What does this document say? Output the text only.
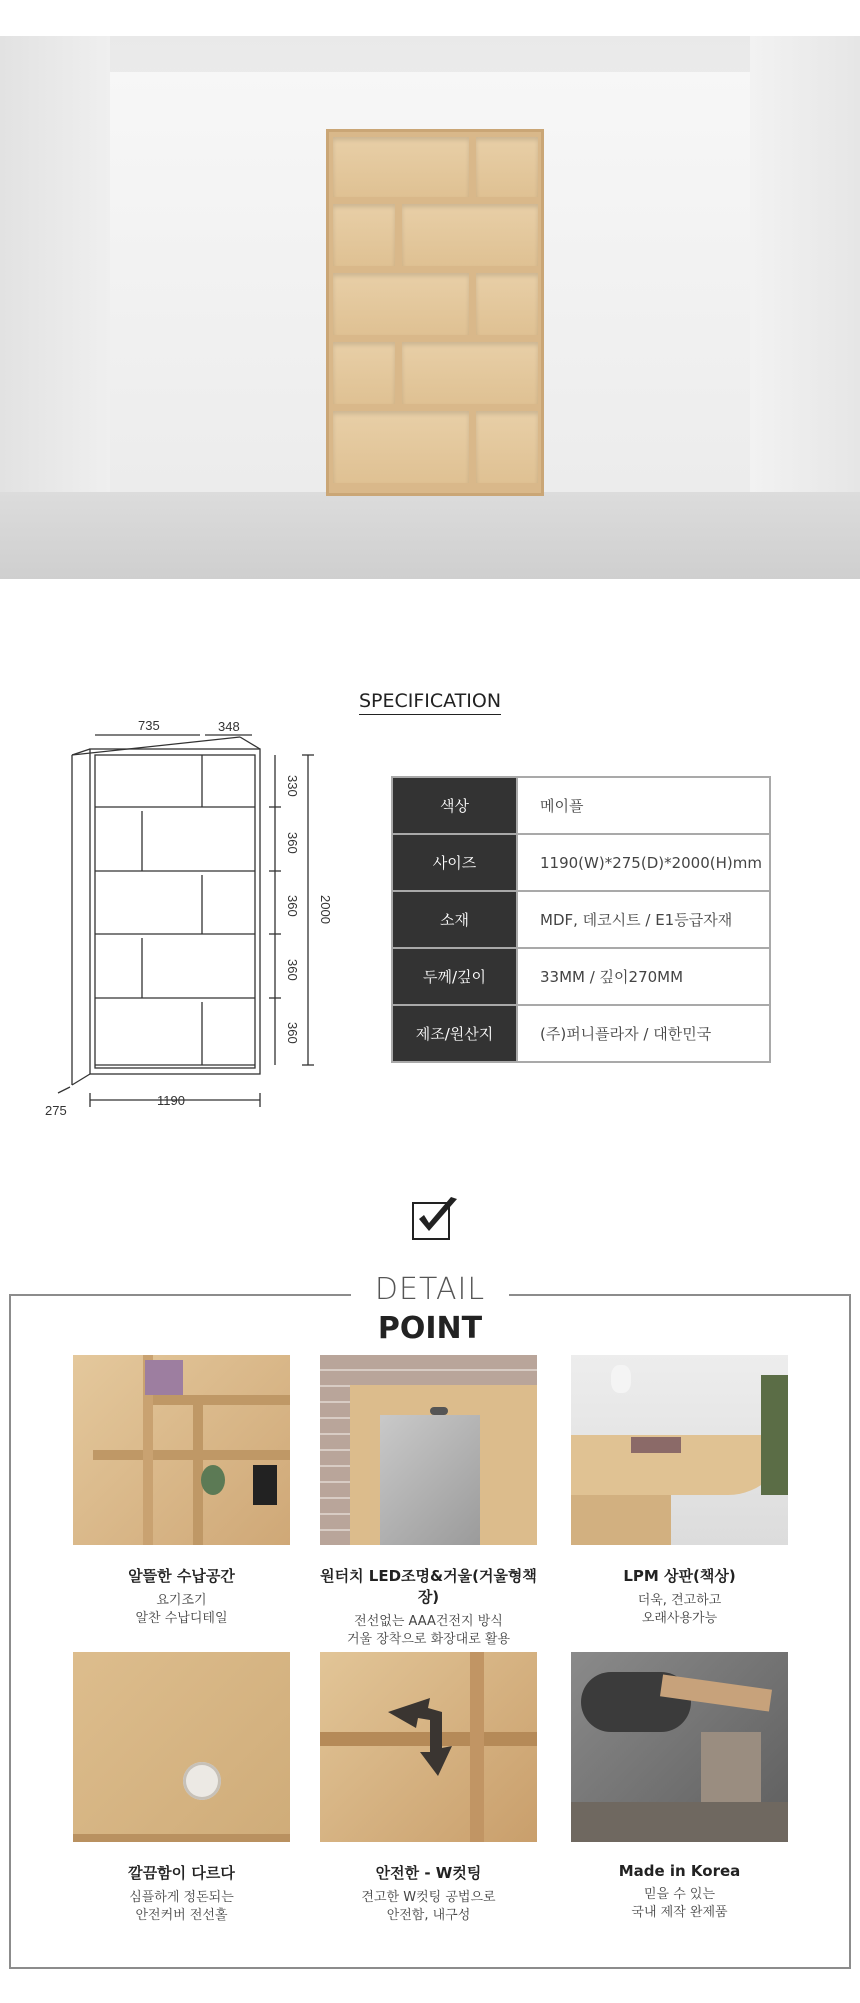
SPECIFICATION
735	348
330
360
360
360
360
2000
275
1190
색상	메이플
사이즈	1190(W)*275(D)*2000(H)mm
소재	MDF, 데코시트 / E1등급자재
두께/깊이	33MM / 깊이270MM
제조/원산지	(주)퍼니플라자 / 대한민국
DETAIL
POINT
알뜰한 수납공간
요기조기
알찬 수납디테일
원터치 LED조명&거울(거울형책장)
전선없는 AAA건전지 방식
거울 장착으로 화장대로 활용
LPM 상판(책상)
더욱, 견고하고
오래사용가능
깔끔함이 다르다
심플하게 정돈되는
안전커버 전선홀
안전한 - W컷팅
견고한 W컷팅 공법으로
안전함, 내구성
Made in Korea
믿을 수 있는
국내 제작 완제품
